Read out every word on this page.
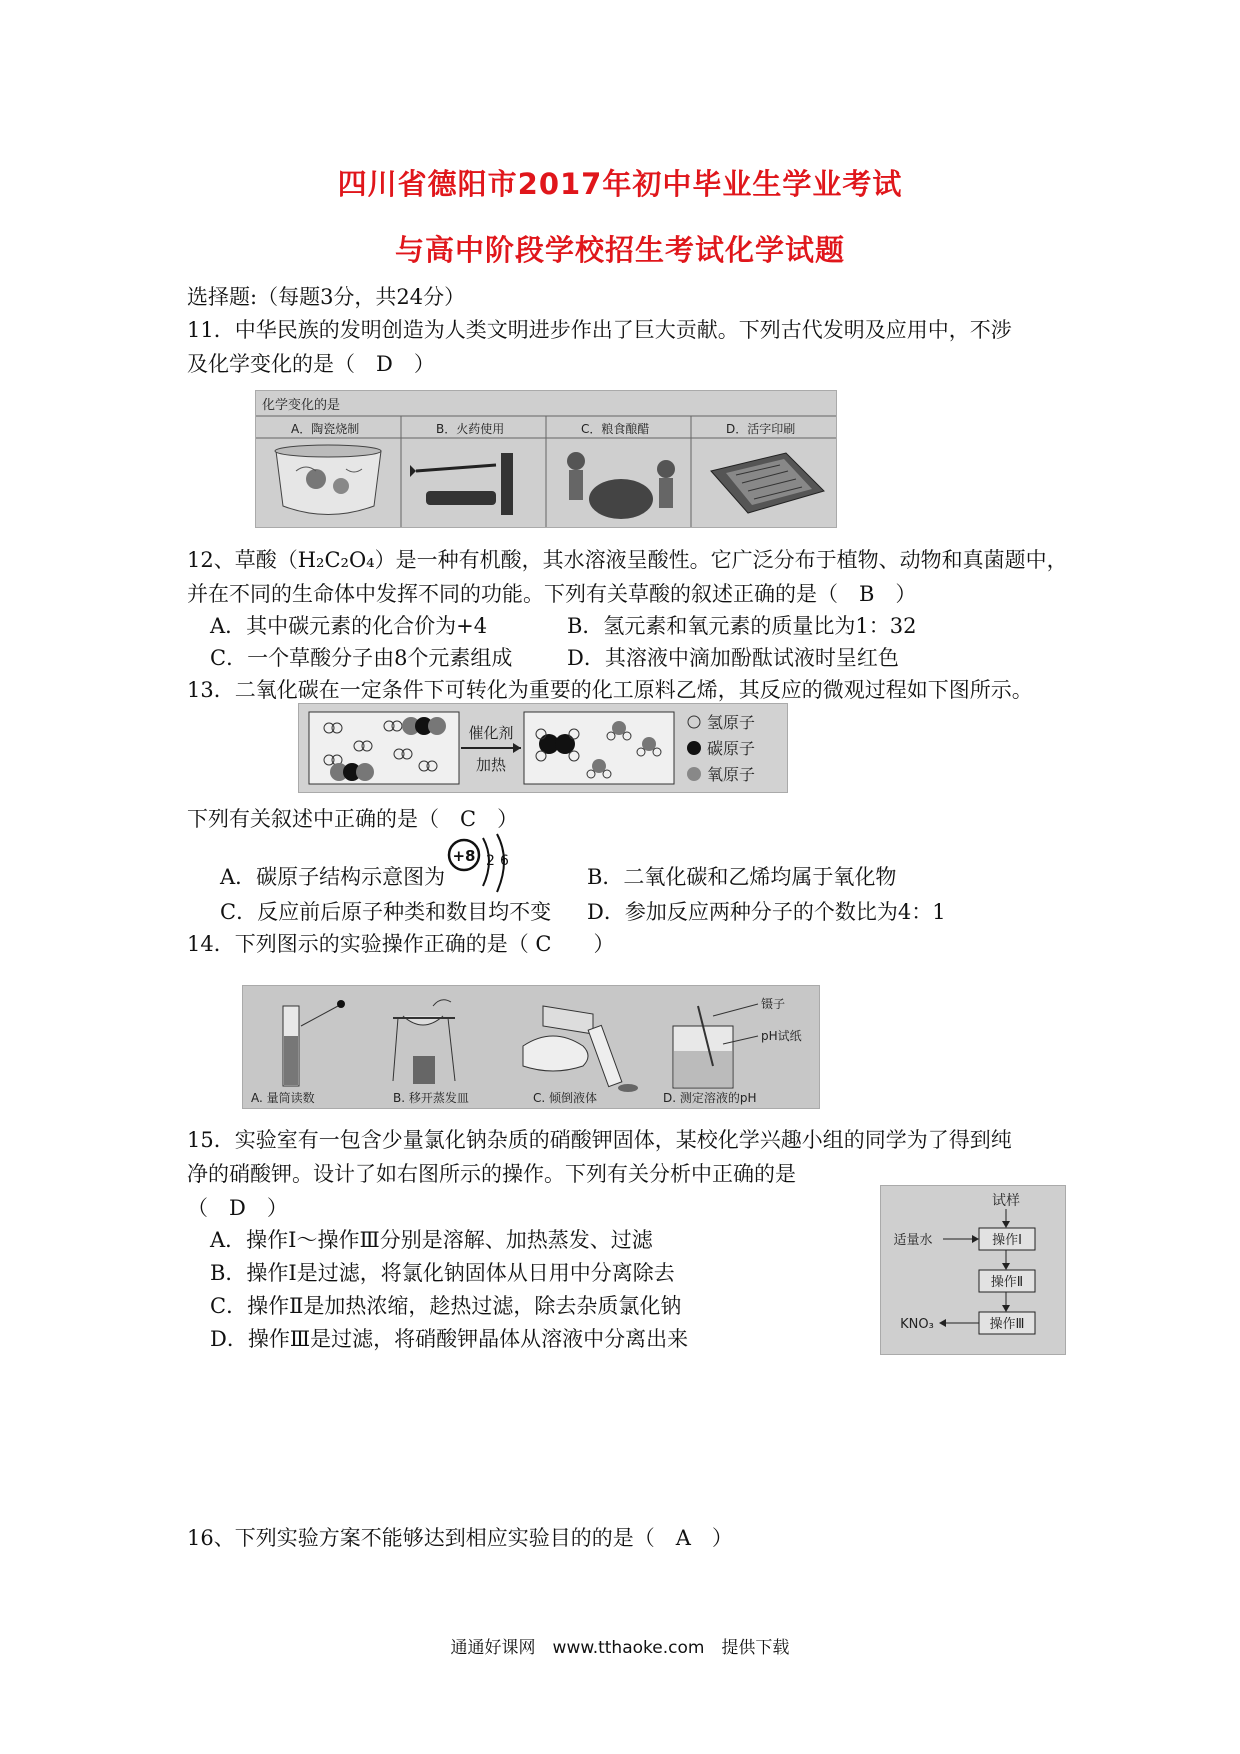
四川省德阳市2017年初中毕业生学业考试
与高中阶段学校招生考试化学试题
选择题:（每题3分，共24分）
11．中华民族的发明创造为人类文明进步作出了巨大贡献。下列古代发明及应用中，不涉
及化学变化的是（　D　）
化学变化的是
A．陶瓷烧制	B．火药使用	C．粮食酿醋	D．活字印刷
12、草酸（H₂C₂O₄）是一种有机酸，其水溶液呈酸性。它广泛分布于植物、动物和真菌题中，
并在不同的生命体中发挥不同的功能。下列有关草酸的叙述正确的是（　B　）
A．其中碳元素的化合价为+4	B．氢元素和氧元素的质量比为1：32
C．一个草酸分子由8个元素组成	D．其溶液中滴加酚酞试液时呈红色
13．二氧化碳在一定条件下可转化为重要的化工原料乙烯，其反应的微观过程如下图所示。
催化剂
加热
氢原子
碳原子
氧原子
下列有关叙述中正确的是（　C　）
A．碳原子结构示意图为
+8 2 6
B．二氧化碳和乙烯均属于氧化物
C．反应前后原子种类和数目均不变 D．参加反应两种分子的个数比为4：1
14．下列图示的实验操作正确的是（ C　　）
镊子
pH试纸
A. 量筒读数	B. 移开蒸发皿	C. 倾倒液体	D. 测定溶液的pH
15．实验室有一包含少量氯化钠杂质的硝酸钾固体，某校化学兴趣小组的同学为了得到纯
净的硝酸钾。设计了如右图所示的操作。下列有关分析中正确的是
（　D　）
A．操作Ⅰ～操作Ⅲ分别是溶解、加热蒸发、过滤
B．操作Ⅰ是过滤，将氯化钠固体从日用中分离除去
C．操作Ⅱ是加热浓缩，趁热过滤，除去杂质氯化钠
D．操作Ⅲ是过滤，将硝酸钾晶体从溶液中分离出来
试样
操作Ⅰ
适量水
操作Ⅱ
操作Ⅲ
KNO₃
16、下列实验方案不能够达到相应实验目的的是（　A　）
通通好课网　www.tthaoke.com　提供下载
